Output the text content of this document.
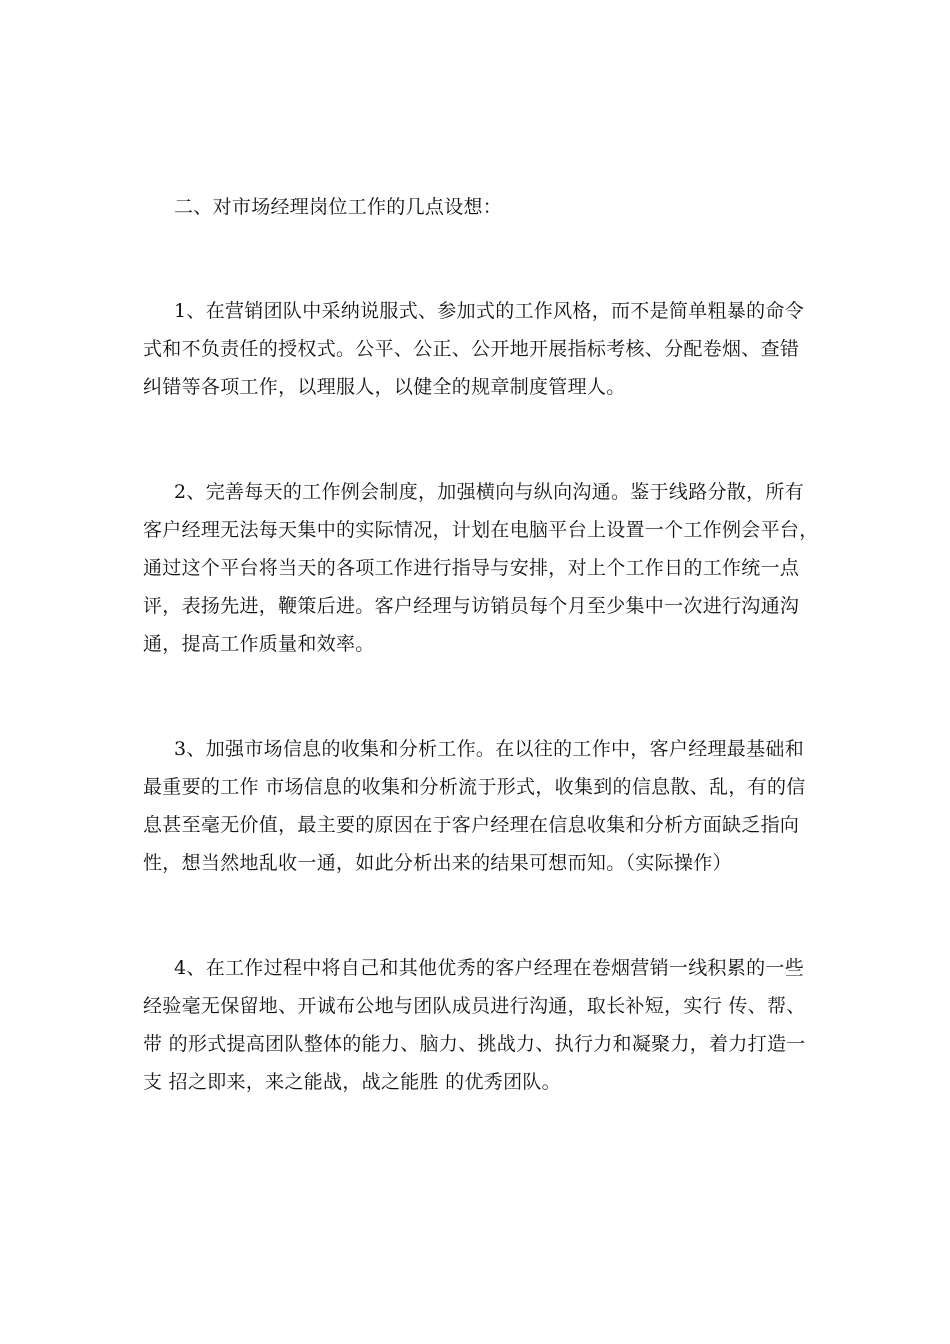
二、对市场经理岗位工作的几点设想：
1、在营销团队中采纳说服式、参加式的工作风格，而不是简单粗暴的命令
式和不负责任的授权式。公平、公正、公开地开展指标考核、分配卷烟、查错
纠错等各项工作，以理服人，以健全的规章制度管理人。
2、完善每天的工作例会制度，加强横向与纵向沟通。鉴于线路分散，所有
客户经理无法每天集中的实际情况，计划在电脑平台上设置一个工作例会平台，
通过这个平台将当天的各项工作进行指导与安排，对上个工作日的工作统一点
评，表扬先进，鞭策后进。客户经理与访销员每个月至少集中一次进行沟通沟
通，提高工作质量和效率。
3、加强市场信息的收集和分析工作。在以往的工作中，客户经理最基础和
最重要的工作 市场信息的收集和分析流于形式，收集到的信息散、乱，有的信
息甚至毫无价值，最主要的原因在于客户经理在信息收集和分析方面缺乏指向
性，想当然地乱收一通，如此分析出来的结果可想而知。（实际操作）
4、在工作过程中将自己和其他优秀的客户经理在卷烟营销一线积累的一些
经验毫无保留地、开诚布公地与团队成员进行沟通，取长补短，实行 传、帮、
带 的形式提高团队整体的能力、脑力、挑战力、执行力和凝聚力，着力打造一
支 招之即来，来之能战，战之能胜 的优秀团队。
